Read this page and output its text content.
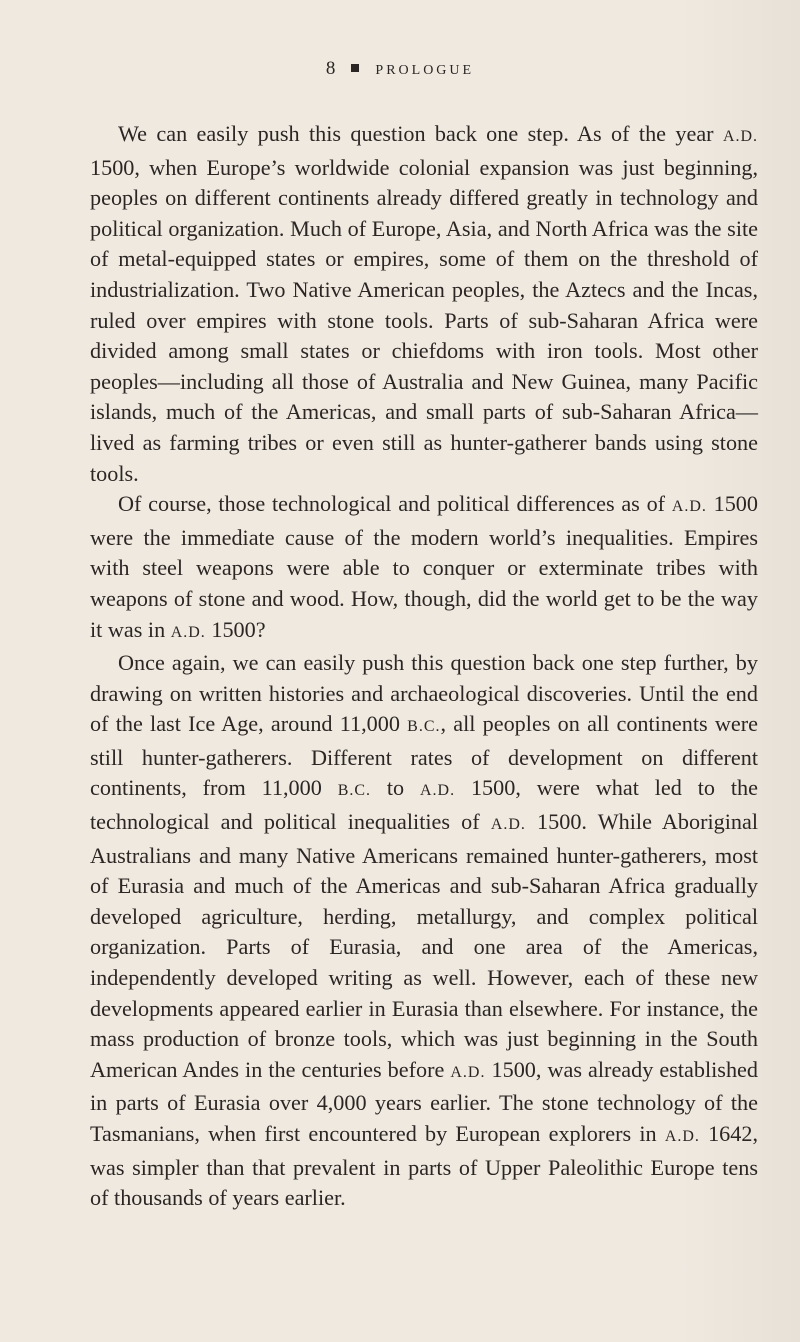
8	PROLOGUE

We can easily push this question back one step. As of the year A.D. 1500, when Europe’s worldwide colonial expansion was just beginning, peoples on different continents already differed greatly in technology and political organization. Much of Europe, Asia, and North Africa was the site of metal-equipped states or empires, some of them on the threshold of industrialization. Two Native American peoples, the Aztecs and the Incas, ruled over empires with stone tools. Parts of sub-Saharan Africa were divided among small states or chiefdoms with iron tools. Most other peoples—including all those of Australia and New Guinea, many Pacific islands, much of the Americas, and small parts of sub-Saharan Africa—lived as farming tribes or even still as hunter-gatherer bands using stone tools.

Of course, those technological and political differences as of A.D. 1500 were the immediate cause of the modern world’s inequalities. Empires with steel weapons were able to conquer or exterminate tribes with weapons of stone and wood. How, though, did the world get to be the way it was in A.D. 1500?

Once again, we can easily push this question back one step further, by drawing on written histories and archaeological discoveries. Until the end of the last Ice Age, around 11,000 B.C., all peoples on all continents were still hunter-gatherers. Different rates of development on different continents, from 11,000 B.C. to A.D. 1500, were what led to the technological and political inequalities of A.D. 1500. While Aboriginal Australians and many Native Americans remained hunter-gatherers, most of Eurasia and much of the Americas and sub-Saharan Africa gradually developed agriculture, herding, metallurgy, and complex political organization. Parts of Eurasia, and one area of the Americas, independently developed writing as well. However, each of these new developments appeared earlier in Eurasia than elsewhere. For instance, the mass production of bronze tools, which was just beginning in the South American Andes in the centuries before A.D. 1500, was already established in parts of Eurasia over 4,000 years earlier. The stone technology of the Tasmanians, when first encountered by European explorers in A.D. 1642, was simpler than that prevalent in parts of Upper Paleolithic Europe tens of thousands of years earlier.
